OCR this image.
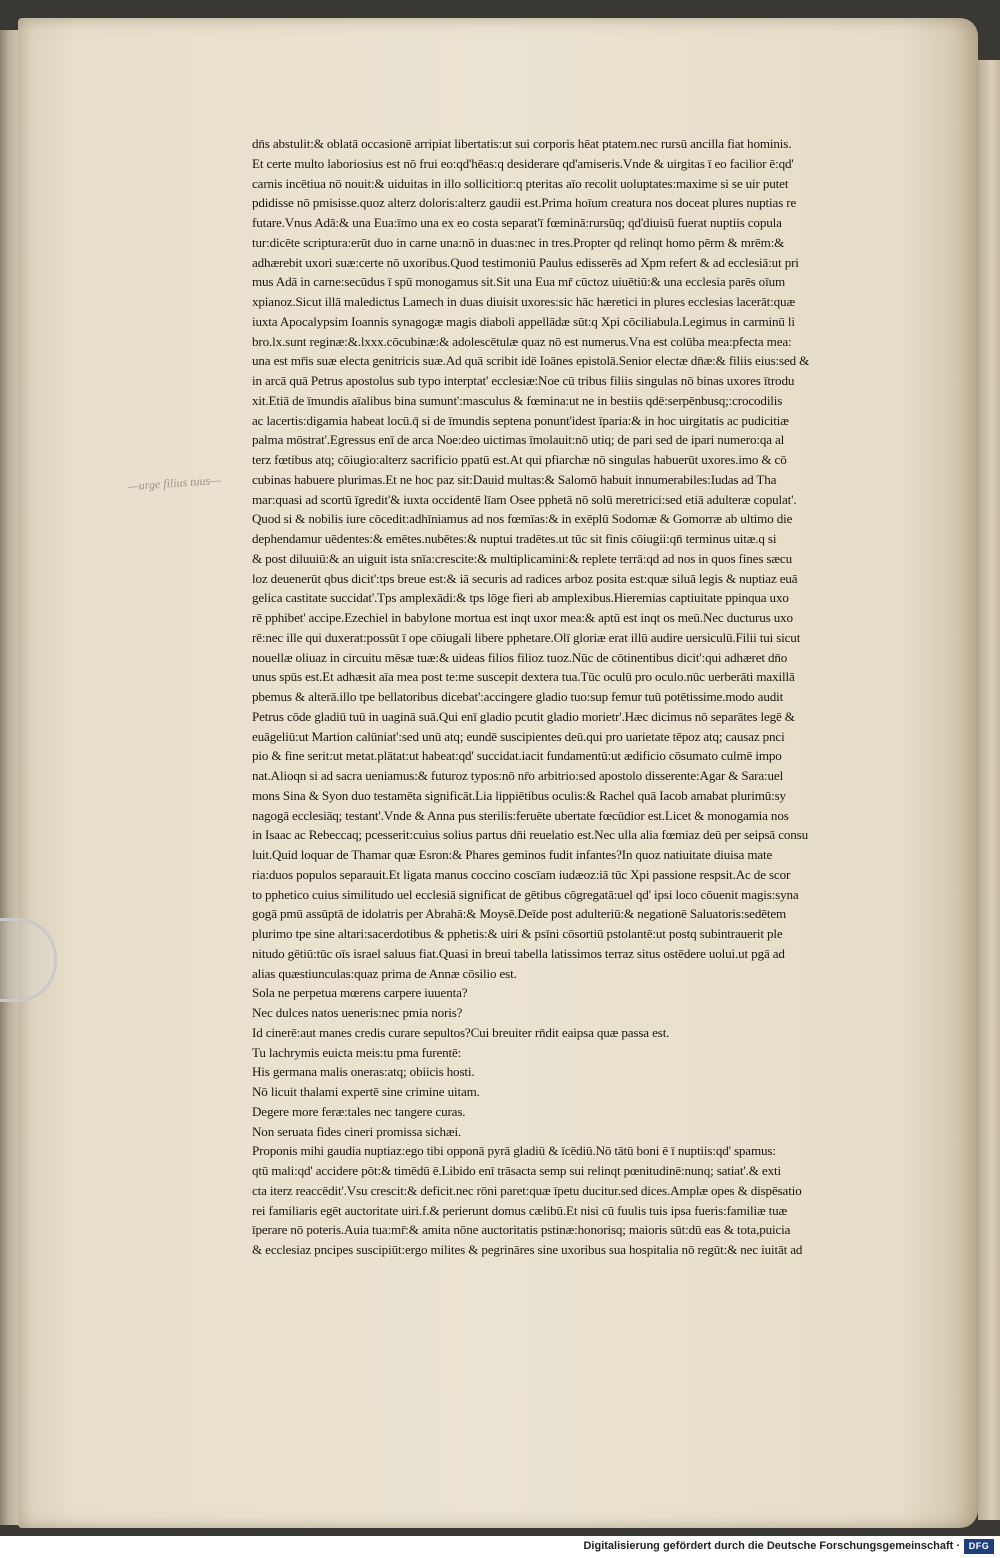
—urge filius tuus—
dn̄s abstulit:& oblatā occasionē arripiat libertatis:ut sui corporis hēat ptatem.nec rursū ancilla fiat hominis.
Et certe multo laboriosius est nō frui eo:qd'hēas:q desiderare qd'amiseris.Vnde & uirgitas ī eo facilior ē:qd'
carnis incētiua nō nouit:& uiduitas in illo sollicitior:q pteritas aīo recolit uoluptates:maxime si se uir putet
pdidisse nō pmisisse.quoz alterz doloris:alterz gaudii est.Prima hoīum creatura nos doceat plures nuptias re
futare.Vnus Adā:& una Eua:īmo una ex eo costa separat'ī fœminā:rursūq; qd'diuisū fuerat nuptiis copula
tur:dicēte scriptura:erūt duo in carne una:nō in duas:nec in tres.Propter qd relinqt homo pērm & mrēm:&
adhærebit uxori suæ:certe nō uxoribus.Quod testimoniū Paulus edisserēs ad Xpm refert & ad ecclesiā:ut pri
mus Adā in carne:secūdus ī spū monogamus sit.Sit una Eua mr̄ cūctoz uiuētiū:& una ecclesia parēs oīum
xpianoz.Sicut illā maledictus Lamech in duas diuisit uxores:sic hāc hæretici in plures ecclesias lacerāt:quæ
iuxta Apocalypsim Ioannis synagogæ magis diaboli appellādæ sūt:q Xpi cōciliabula.Legimus in carminū li
bro.lx.sunt reginæ:&.lxxx.cōcubinæ:& adolescētulæ quaz nō est numerus.Vna est colūba mea:pfecta mea:
una est mr̄is suæ electa genitricis suæ.Ad quā scribit idē Ioānes epistolā.Senior electæ dn̄æ:& filiis eius:sed &
in arcā quā Petrus apostolus sub typo interptat' ecclesiæ:Noe cū tribus filiis singulas nō binas uxores ītrodu
xit.Etiā de īmundis aīalibus bina sumunt':masculus & fœmina:ut ne in bestiis qdē:serpēnbusq;:crocodilis
ac lacertis:digamia habeat locū.q̄ si de īmundis septena ponunt'idest īparia:& in hoc uirgitatis ac pudicitiæ
palma mōstrat'.Egressus enī de arca Noe:deo uictimas īmolauit:nō utiq; de pari sed de ipari numero:qa al
terz fœtibus atq; cōiugio:alterz sacrificio ppatū est.At qui pfiarchæ nō singulas habuerūt uxores.imo & cō
cubinas habuere plurimas.Et ne hoc paz sit:Dauid multas:& Salomō habuit innumerabiles:Iudas ad Tha
mar:quasi ad scortū īgredit'& iuxta occidentē līam Osee pphetā nō solū meretrici:sed etiā adulteræ copulat'.
Quod si & nobilis iure cōcedit:adhīniamus ad nos fœmīas:& in exēplū Sodomæ & Gomorræ ab ultimo die
dephendamur uēdentes:& emētes.nubētes:& nuptui tradētes.ut tūc sit finis cōiugii:qn̄ terminus uitæ.q si
& post diluuiū:& an uiguit ista snīa:crescite:& multiplicamini:& replete terrā:qd ad nos in quos fines sæcu
loz deuenerūt qbus dicit':tps breue est:& iā securis ad radices arboz posita est:quæ siluā legis & nuptiaz euā
gelica castitate succidat'.Tps amplexādi:& tps lōge fieri ab amplexibus.Hieremias captiuitate ppinqua uxo
rē pphibet' accipe.Ezechiel in babylone mortua est inqt uxor mea:& aptū est inqt os meū.Nec ducturus uxo
rē:nec ille qui duxerat:possūt ī ope cōiugali libere pphetare.Olī gloriæ erat illū audire uersiculū.Filii tui sicut
nouellæ oliuaz in circuitu mēsæ tuæ:& uideas filios filioz tuoz.Nūc de cōtinentibus dicit':qui adhæret dn̄o
unus spūs est.Et adhæsit aīa mea post te:me suscepit dextera tua.Tūc oculū pro oculo.nūc uerberāti maxillā
pbemus & alterā.illo tpe bellatoribus dicebat':accingere gladio tuo:sup femur tuū potētissime.modo audit
Petrus cōde gladiū tuū in uaginā suā.Qui enī gladio pcutit gladio morietr'.Hæc dicimus nō separātes legē &
euāgeliū:ut Martion calūniat':sed unū atq; eundē suscipientes deū.qui pro uarietate tēpoz atq; causaz pnci
pio & fine serit:ut metat.plātat:ut habeat:qd' succidat.iacit fundamentū:ut ædificio cōsumato culmē impo
nat.Alioqn si ad sacra ueniamus:& futuroz typos:nō nr̄o arbitrio:sed apostolo disserente:Agar & Sara:uel
mons Sina & Syon duo testamēta significāt.Lia lippiētibus oculis:& Rachel quā Iacob amabat plurimū:sy
nagogā ecclesiāq; testant'.Vnde & Anna pus sterilis:feruēte ubertate fœcūdior est.Licet & monogamia nos
in Isaac ac Rebeccaq; pcesserit:cuius solius partus dn̄i reuelatio est.Nec ulla alia fœmiaz deū per seipsā consu
luit.Quid loquar de Thamar quæ Esron:& Phares geminos fudit infantes?In quoz natiuitate diuisa mate
ria:duos populos separauit.Et ligata manus coccino coscīam iudæoz:iā tūc Xpi passione respsit.Ac de scor
to pphetico cuius similitudo uel ecclesiā significat de gētibus cōgregatā:uel qd' ipsi loco cōuenit magis:syna
gogā pmū assūptā de idolatris per Abrahā:& Moysē.Deīde post adulteriū:& negationē Saluatoris:sedētem
plurimo tpe sine altari:sacerdotibus & pphetis:& uiri & psīni cōsortiū pstolantē:ut postq subintrauerit ple
nitudo gētiū:tūc oīs israel saluus fiat.Quasi in breui tabella latissimos terraz situs ostēdere uolui.ut pgā ad
alias quæstiunculas:quaz prima de Annæ cōsilio est.
Sola ne perpetua mœrens carpere iuuenta?
Nec dulces natos ueneris:nec pmia noris?
Id cinerē:aut manes credis curare sepultos?Cui breuiter rn̄dit eaipsa quæ passa est.
Tu lachrymis euicta meis:tu pma furentē:
His germana malis oneras:atq; obiicis hosti.
Nō licuit thalami expertē sine crimine uitam.
Degere more feræ:tales nec tangere curas.
Non seruata fides cineri promissa sichæi.
Proponis mihi gaudia nuptiaz:ego tibi opponā pyrā gladiū & īcēdiū.Nō tātū boni ē ī nuptiis:qd' spamus:
qtū mali:qd' accidere pōt:& timēdū ē.Libido enī trāsacta semp sui relinqt pœnitudinē:nunq; satiat'.& exti
cta iterz reaccēdit'.Vsu crescit:& deficit.nec rōni paret:quæ īpetu ducitur.sed dices.Amplæ opes & dispēsatio
rei familiaris egēt auctoritate uiri.f.& perierunt domus cælibū.Et nisi cū fuulis tuis ipsa fueris:familiæ tuæ
īperare nō poteris.Auia tua:mr̄:& amita nōne auctoritatis pstinæ:honorisq; maioris sūt:dū eas & tota,puicia
& ecclesiaz pncipes suscipiūt:ergo milites & pegrināres sine uxoribus sua hospitalia nō regūt:& nec iuitāt ad
Digitalisierung gefördert durch die Deutsche Forschungsgemeinschaft · DFG
